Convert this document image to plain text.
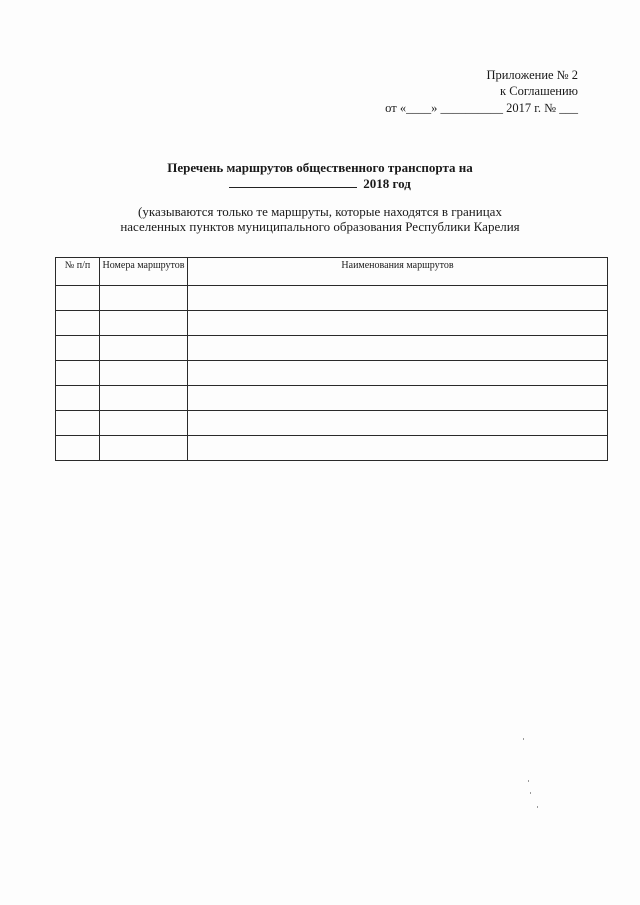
Приложение № 2
к Соглашению
от «____» __________ 2017 г. № ___
Перечень маршрутов общественного транспорта на
2018 год
(указываются только те маршруты, которые находятся в границах
населенных пунктов муниципального образования Республики Карелия
№ п/п	Номера маршрутов	Наименования маршрутов
